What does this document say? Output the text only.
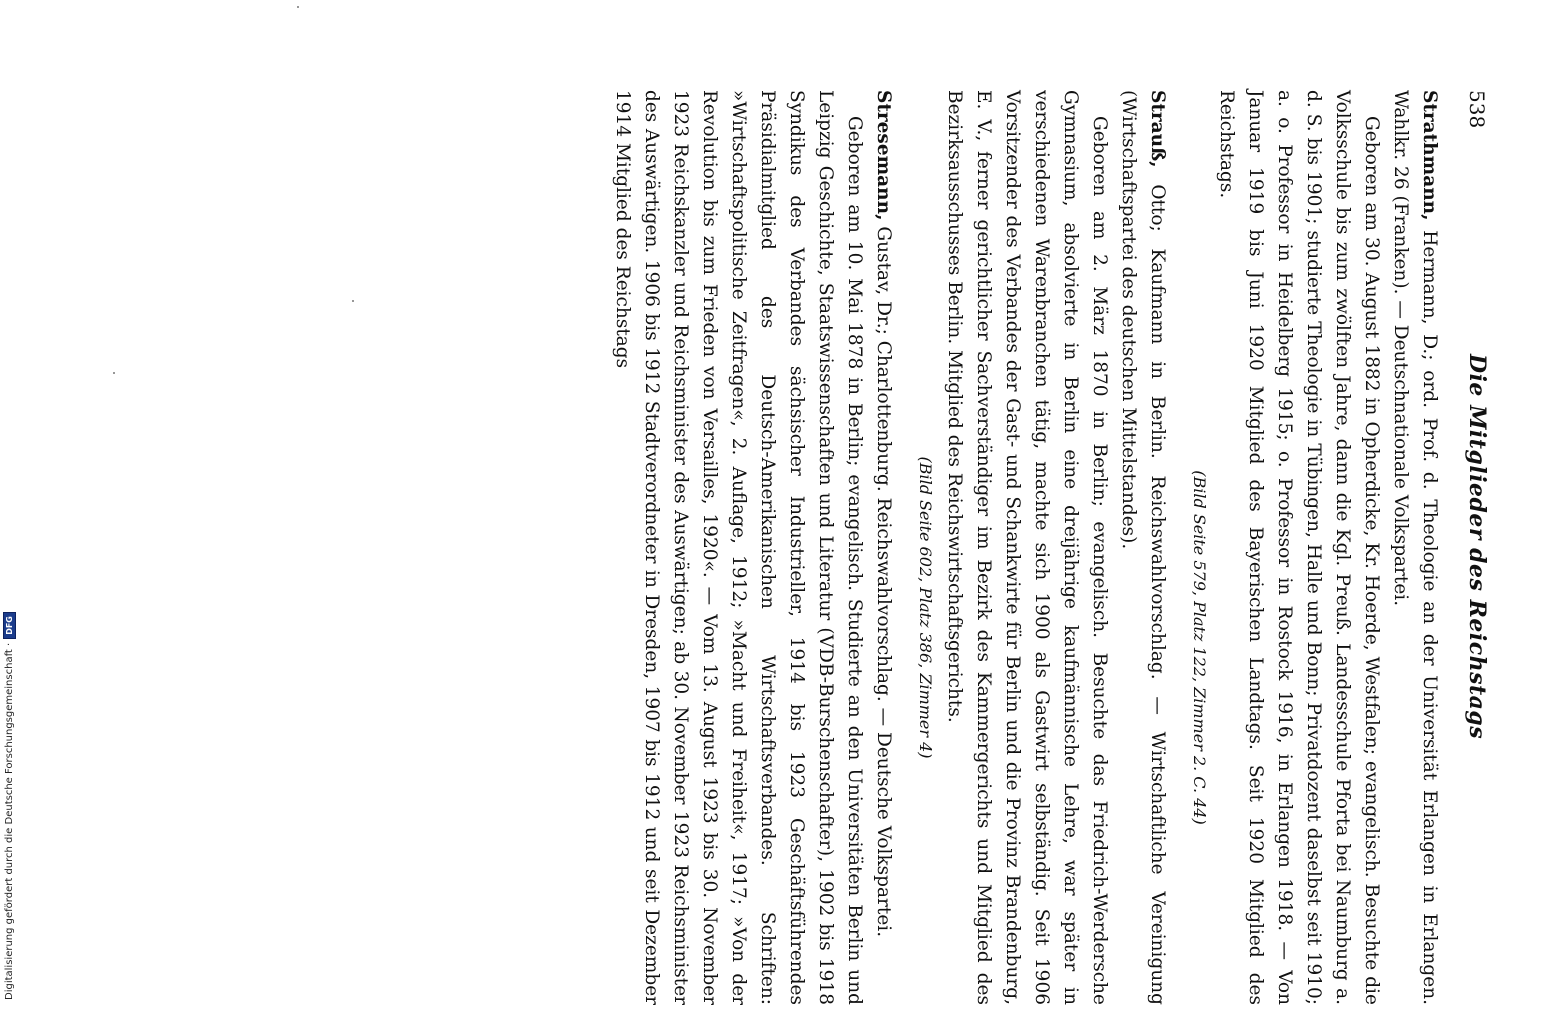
538
Die Mitglieder des Reichstags

Strathmann, Hermann, D.; ord. Prof. d. Theologie an der Universität Erlangen in Erlangen. Wahlkr. 26 (Franken). — Deutschnationale Volkspartei.

Geboren am 30. August 1882 in Opherdicke, Kr. Hoerde, Westfalen; evangelisch. Besuchte die Volksschule bis zum zwölften Jahre, dann die Kgl. Preuß. Landesschule Pforta bei Naumburg a. d. S. bis 1901; studierte Theologie in Tübingen, Halle und Bonn; Privatdozent daselbst seit 1910; a. o. Professor in Heidelberg 1915; o. Professor in Rostock 1916, in Erlangen 1918. — Von Januar 1919 bis Juni 1920 Mitglied des Bayerischen Landtags. Seit 1920 Mitglied des Reichstags.

(Bild Seite 579, Platz 122, Zimmer 2. C. 44)

Strauß, Otto; Kaufmann in Berlin. Reichswahlvorschlag. — Wirtschaftliche Vereinigung (Wirtschaftspartei des deutschen Mittelstandes).

Geboren am 2. März 1870 in Berlin; evangelisch. Besuchte das Friedrich-Werdersche Gymnasium, absolvierte in Berlin eine dreijährige kaufmännische Lehre, war später in verschiedenen Warenbranchen tätig, machte sich 1900 als Gastwirt selbständig. Seit 1906 Vorsitzender des Verbandes der Gast- und Schankwirte für Berlin und die Provinz Brandenburg, E. V., ferner gerichtlicher Sachverständiger im Bezirk des Kammergerichts und Mitglied des Bezirksausschusses Berlin. Mitglied des Reichswirtschaftsgerichts.

(Bild Seite 602, Platz 386, Zimmer 4)

Stresemann, Gustav, Dr.; Charlottenburg. Reichswahlvorschlag. — Deutsche Volkspartei.

Geboren am 10. Mai 1878 in Berlin; evangelisch. Studierte an den Universitäten Berlin und Leipzig Geschichte, Staatswissenschaften und Literatur (VDB-Burschenschafter), 1902 bis 1918 Syndikus des Verbandes sächsischer Industrieller, 1914 bis 1923 Geschäftsführendes Präsidialmitglied des Deutsch-Amerikanischen Wirtschaftsverbandes. Schriften: »Wirtschaftspolitische Zeitfragen«, 2. Auflage, 1912; »Macht und Freiheit«, 1917; »Von der Revolution bis zum Frieden von Versailles, 1920«. — Vom 13. August 1923 bis 30. November 1923 Reichskanzler und Reichsminister des Auswärtigen; ab 30. November 1923 Reichsminister des Auswärtigen. 1906 bis 1912 Stadtverordneter in Dresden, 1907 bis 1912 und seit Dezember 1914 Mitglied des Reichstags

Digitalisierung gefördert durch die Deutsche Forschungsgemeinschaft ·
DFG
